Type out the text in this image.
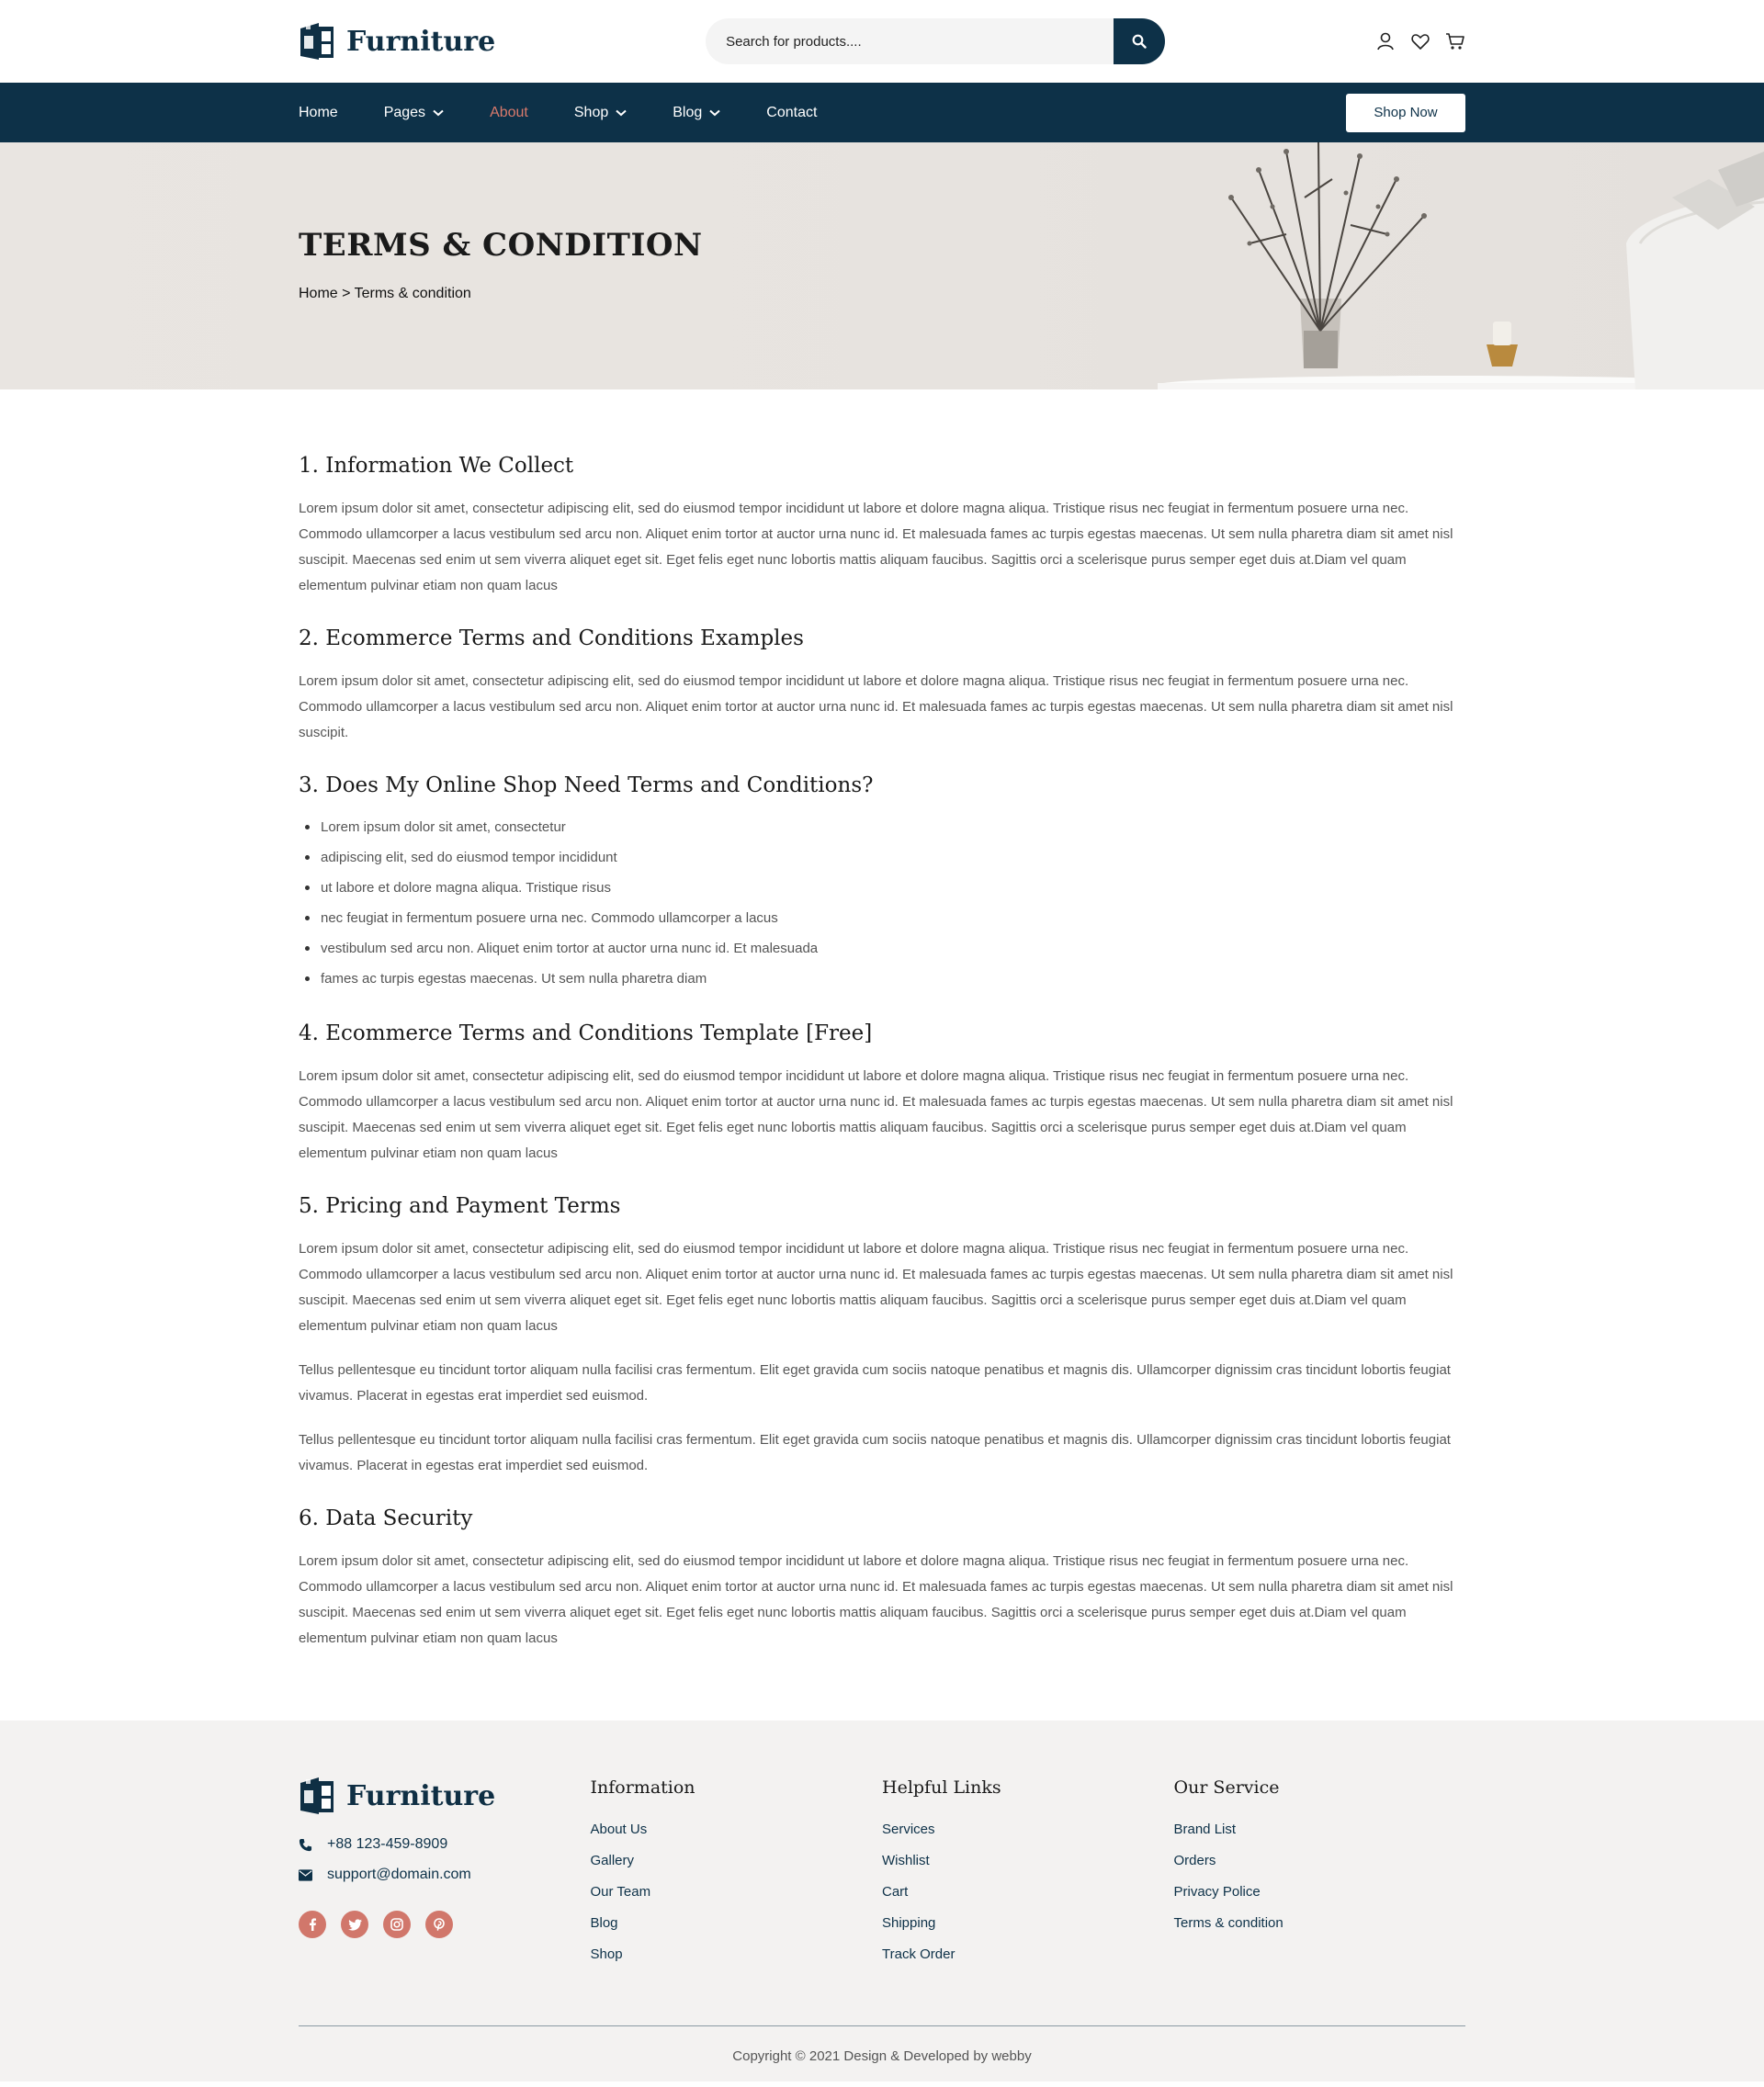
Furniture
Search for products....
Home	Pages	About	Shop	Blog	Contact	Shop Now
TERMS & CONDITION
Home > Terms & condition
1. Information We Collect

Lorem ipsum dolor sit amet, consectetur adipiscing elit, sed do eiusmod tempor incididunt ut labore et dolore magna aliqua. Tristique risus nec feugiat in fermentum posuere urna nec. Commodo ullamcorper a lacus vestibulum sed arcu non. Aliquet enim tortor at auctor urna nunc id. Et malesuada fames ac turpis egestas maecenas. Ut sem nulla pharetra diam sit amet nisl suscipit. Maecenas sed enim ut sem viverra aliquet eget sit. Eget felis eget nunc lobortis mattis aliquam faucibus. Sagittis orci a scelerisque purus semper eget duis at.Diam vel quam elementum pulvinar etiam non quam lacus

2. Ecommerce Terms and Conditions Examples

Lorem ipsum dolor sit amet, consectetur adipiscing elit, sed do eiusmod tempor incididunt ut labore et dolore magna aliqua. Tristique risus nec feugiat in fermentum posuere urna nec. Commodo ullamcorper a lacus vestibulum sed arcu non. Aliquet enim tortor at auctor urna nunc id. Et malesuada fames ac turpis egestas maecenas. Ut sem nulla pharetra diam sit amet nisl suscipit.

3. Does My Online Shop Need Terms and Conditions?
Lorem ipsum dolor sit amet, consectetur
adipiscing elit, sed do eiusmod tempor incididunt
ut labore et dolore magna aliqua. Tristique risus
nec feugiat in fermentum posuere urna nec. Commodo ullamcorper a lacus
vestibulum sed arcu non. Aliquet enim tortor at auctor urna nunc id. Et malesuada
fames ac turpis egestas maecenas. Ut sem nulla pharetra diam
4. Ecommerce Terms and Conditions Template [Free]

Lorem ipsum dolor sit amet, consectetur adipiscing elit, sed do eiusmod tempor incididunt ut labore et dolore magna aliqua. Tristique risus nec feugiat in fermentum posuere urna nec. Commodo ullamcorper a lacus vestibulum sed arcu non. Aliquet enim tortor at auctor urna nunc id. Et malesuada fames ac turpis egestas maecenas. Ut sem nulla pharetra diam sit amet nisl suscipit. Maecenas sed enim ut sem viverra aliquet eget sit. Eget felis eget nunc lobortis mattis aliquam faucibus. Sagittis orci a scelerisque purus semper eget duis at.Diam vel quam elementum pulvinar etiam non quam lacus

5. Pricing and Payment Terms

Lorem ipsum dolor sit amet, consectetur adipiscing elit, sed do eiusmod tempor incididunt ut labore et dolore magna aliqua. Tristique risus nec feugiat in fermentum posuere urna nec. Commodo ullamcorper a lacus vestibulum sed arcu non. Aliquet enim tortor at auctor urna nunc id. Et malesuada fames ac turpis egestas maecenas. Ut sem nulla pharetra diam sit amet nisl suscipit. Maecenas sed enim ut sem viverra aliquet eget sit. Eget felis eget nunc lobortis mattis aliquam faucibus. Sagittis orci a scelerisque purus semper eget duis at.Diam vel quam elementum pulvinar etiam non quam lacus

Tellus pellentesque eu tincidunt tortor aliquam nulla facilisi cras fermentum. Elit eget gravida cum sociis natoque penatibus et magnis dis. Ullamcorper dignissim cras tincidunt lobortis feugiat vivamus. Placerat in egestas erat imperdiet sed euismod.

Tellus pellentesque eu tincidunt tortor aliquam nulla facilisi cras fermentum. Elit eget gravida cum sociis natoque penatibus et magnis dis. Ullamcorper dignissim cras tincidunt lobortis feugiat vivamus. Placerat in egestas erat imperdiet sed euismod.

6. Data Security

Lorem ipsum dolor sit amet, consectetur adipiscing elit, sed do eiusmod tempor incididunt ut labore et dolore magna aliqua. Tristique risus nec feugiat in fermentum posuere urna nec. Commodo ullamcorper a lacus vestibulum sed arcu non. Aliquet enim tortor at auctor urna nunc id. Et malesuada fames ac turpis egestas maecenas. Ut sem nulla pharetra diam sit amet nisl suscipit. Maecenas sed enim ut sem viverra aliquet eget sit. Eget felis eget nunc lobortis mattis aliquam faucibus. Sagittis orci a scelerisque purus semper eget duis at.Diam vel quam elementum pulvinar etiam non quam lacus

Furniture
+88 123-459-8909
support@domain.com
Information
About Us
Gallery
Our Team
Blog
Shop
Helpful Links
Services
Wishlist
Cart
Shipping
Track Order
Our Service
Brand List
Orders
Privacy Police
Terms & condition
Copyright © 2021 Design & Developed by webby
